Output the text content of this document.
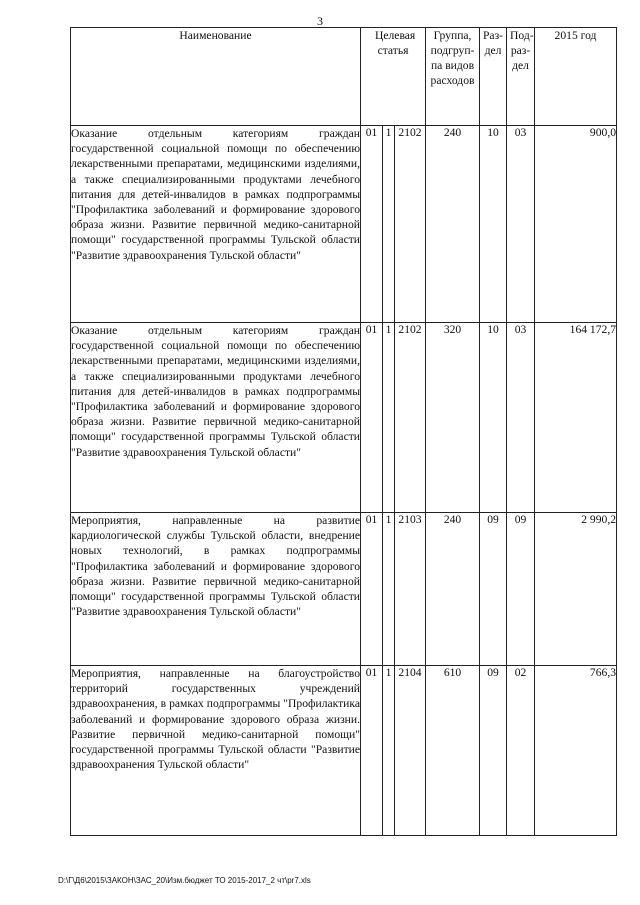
3
Наименование	Целевая статья			Группа, подгруп-па видов расходов	Раз-дел	Под-раз-дел	2015 год
Оказание отдельным категориям граждан государственной социальной помощи по обеспечению лекарственными препаратами, медицинскими изделиями, а также специализированными продуктами лечебного питания для детей-инвалидов в рамках подпрограммы "Профилактика заболеваний и формирование здорового образа жизни. Развитие первичной медико-санитарной помощи" государственной программы Тульской области "Развитие здравоохранения Тульской области"	01	1	2102	240	10	03	900,0
Оказание отдельным категориям граждан государственной социальной помощи по обеспечению лекарственными препаратами, медицинскими изделиями, а также специализированными продуктами лечебного питания для детей-инвалидов в рамках подпрограммы "Профилактика заболеваний и формирование здорового образа жизни. Развитие первичной медико-санитарной помощи" государственной программы Тульской области "Развитие здравоохранения Тульской области"	01	1	2102	320	10	03	164 172,7
Мероприятия, направленные на развитие кардиологической службы Тульской области, внедрение новых технологий, в рамках подпрограммы "Профилактика заболеваний и формирование здорового образа жизни. Развитие первичной медико-санитарной помощи" государственной программы Тульской области "Развитие здравоохранения Тульской области"	01	1	2103	240	09	09	2 990,2
Мероприятия, направленные на благоустройство территорий государственных учреждений здравоохранения, в рамках подпрограммы "Профилактика заболеваний и формирование здорового образа жизни. Развитие первичной медико-санитарной помощи" государственной программы Тульской области "Развитие здравоохранения Тульской области"	01	1	2104	610	09	02	766,3
D:\Г\Д6\2015\ЗАКОН\ЗАС_20\Изм.бюджет ТО 2015-2017_2 чт\pr7.xls
